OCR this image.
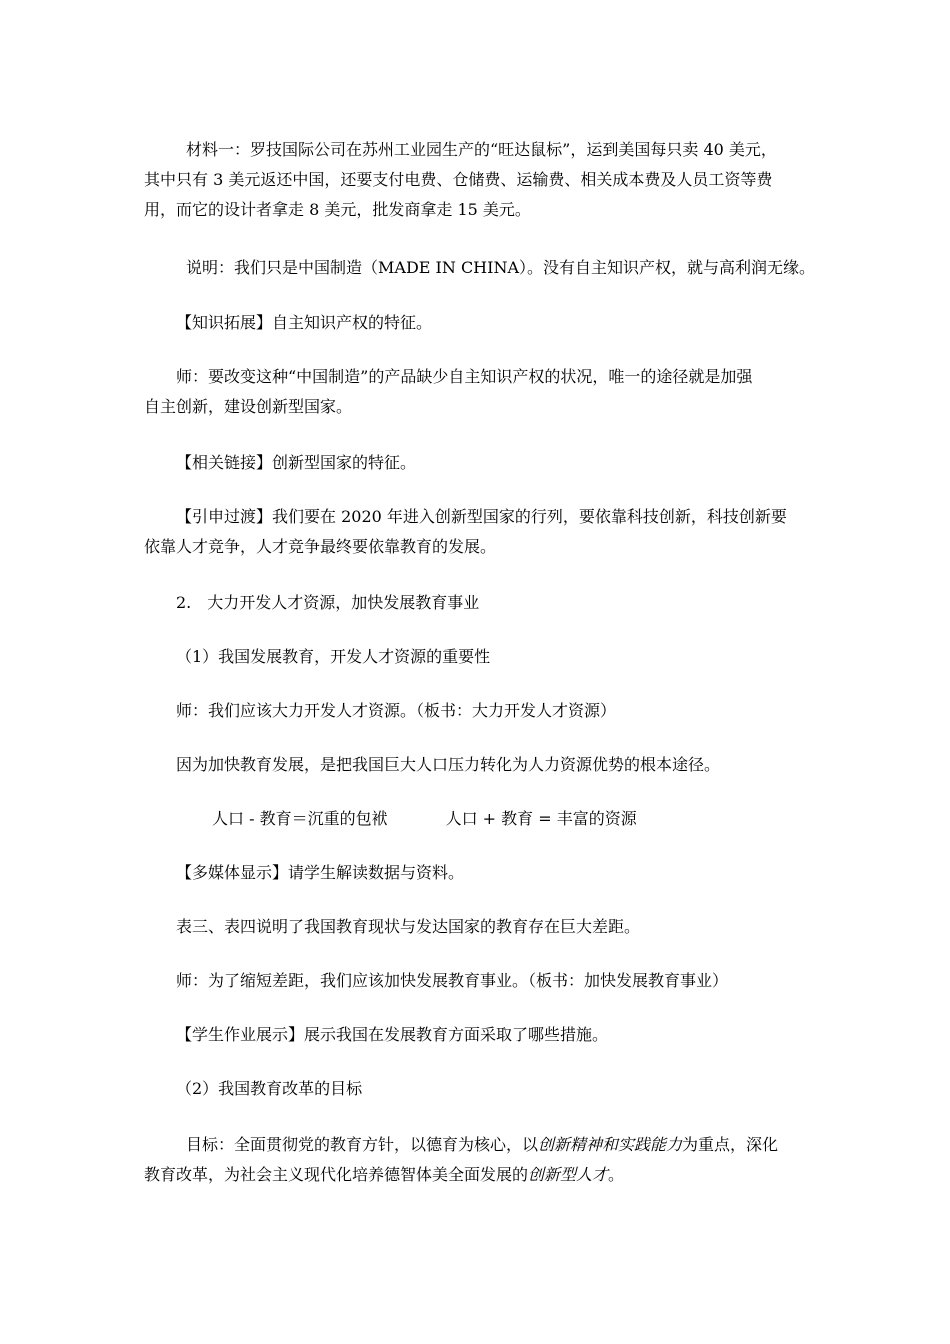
材料一：罗技国际公司在苏州工业园生产的“旺达鼠标”，运到美国每只卖 40 美元，
其中只有 3 美元返还中国，还要支付电费、仓储费、运输费、相关成本费及人员工资等费
用，而它的设计者拿走 8 美元，批发商拿走 15 美元。
说明：我们只是中国制造（MADE IN CHINA）。没有自主知识产权，就与高利润无缘。
【知识拓展】自主知识产权的特征。
师：要改变这种“中国制造”的产品缺少自主知识产权的状况，唯一的途径就是加强
自主创新，建设创新型国家。
【相关链接】创新型国家的特征。
【引申过渡】我们要在 2020 年进入创新型国家的行列，要依靠科技创新，科技创新要
依靠人才竞争，人才竞争最终要依靠教育的发展。
2.　大力开发人才资源，加快发展教育事业
（1）我国发展教育，开发人才资源的重要性
师：我们应该大力开发人才资源。（板书：大力开发人才资源）
因为加快教育发展，是把我国巨大人口压力转化为人力资源优势的根本途径。
人口 - 教育＝沉重的包袱	人口 + 教育 = 丰富的资源
【多媒体显示】请学生解读数据与资料。
表三、表四说明了我国教育现状与发达国家的教育存在巨大差距。
师：为了缩短差距，我们应该加快发展教育事业。（板书：加快发展教育事业）
【学生作业展示】展示我国在发展教育方面采取了哪些措施。
（2）我国教育改革的目标
目标：全面贯彻党的教育方针，以德育为核心，以创新精神和实践能力为重点，深化
教育改革，为社会主义现代化培养德智体美全面发展的创新型人才。
